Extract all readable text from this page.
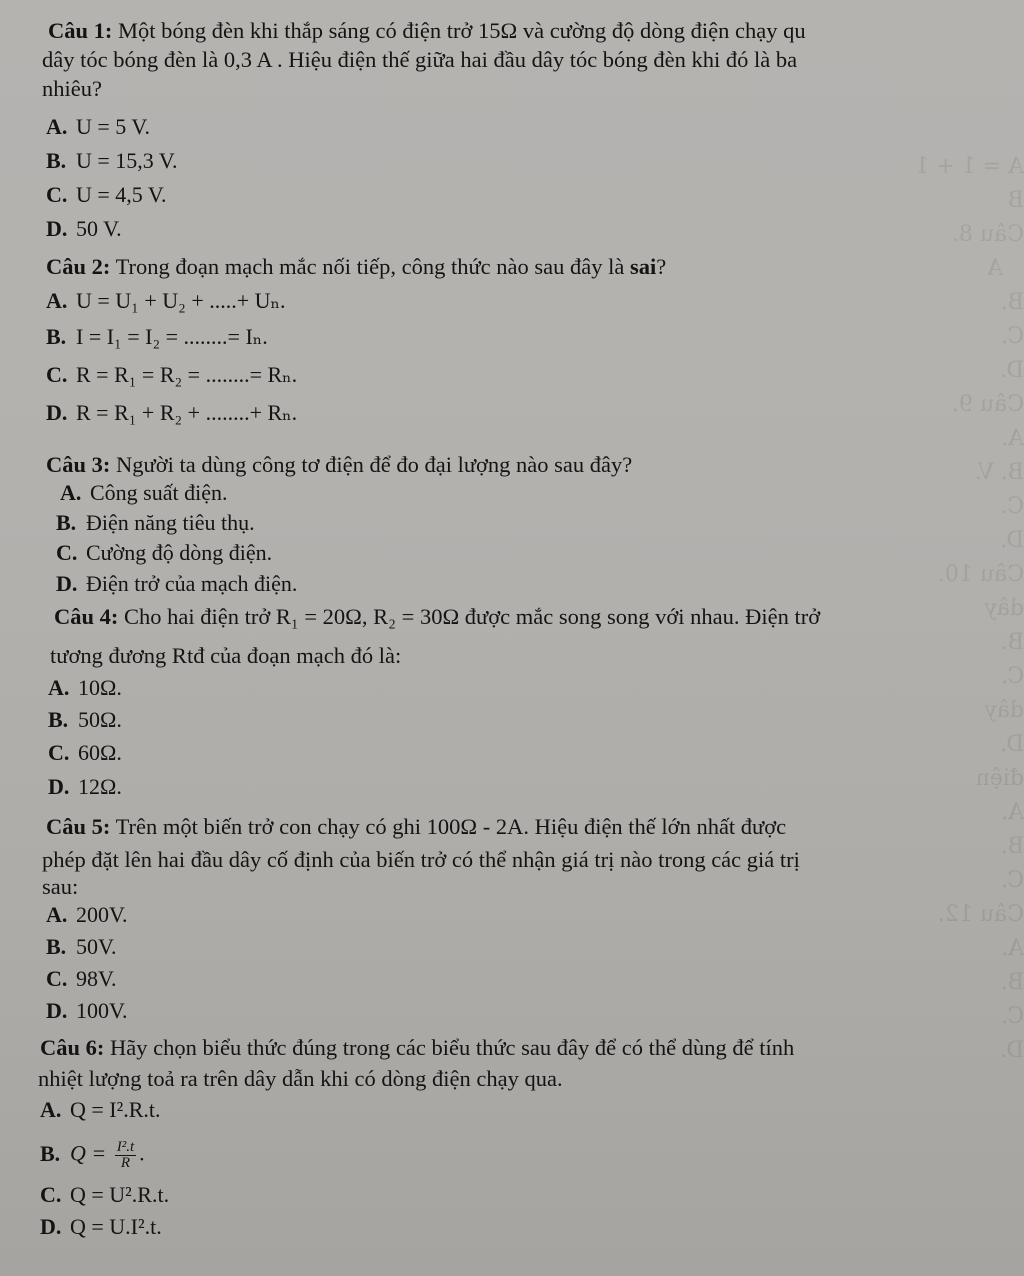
A = 1 + 1
B
Câu 8.
A
B.
C.
D.
Câu 9.
A.
B. V.
C.
D.
Câu 10.
dây
B.
C.
dây
D.
điện
A.
B.
C.
Câu 12.
A.
B.
C.
D.
Câu 1: Một bóng đèn khi thắp sáng có điện trở 15Ω và cường độ dòng điện chạy qu
dây tóc bóng đèn là 0,3 A . Hiệu điện thế giữa hai đầu dây tóc bóng đèn khi đó là ba
nhiêu?
A. U = 5 V.
B. U = 15,3 V.
C. U = 4,5 V.
D. 50 V.
Câu 2: Trong đoạn mạch mắc nối tiếp, công thức nào sau đây là sai?
A. U = U₁ + U₂ + .....+ Uₙ.
B. I = I₁ = I₂ = ........= Iₙ.
C. R = R₁ = R₂ = ........= Rₙ.
D. R = R₁ + R₂ + ........+ Rₙ.
Câu 3: Người ta dùng công tơ điện để đo đại lượng nào sau đây?
A. Công suất điện.
B. Điện năng tiêu thụ.
C. Cường độ dòng điện.
D. Điện trở của mạch điện.
Câu 4: Cho hai điện trở R₁ = 20Ω, R₂ = 30Ω được mắc song song với nhau. Điện trở
tương đương Rtđ của đoạn mạch đó là:
A. 10Ω.
B. 50Ω.
C. 60Ω.
D. 12Ω.
Câu 5: Trên một biến trở con chạy có ghi 100Ω - 2A. Hiệu điện thế lớn nhất được
phép đặt lên hai đầu dây cố định của biến trở có thể nhận giá trị nào trong các giá trị
sau:
A. 200V.
B. 50V.
C. 98V.
D. 100V.
Câu 6: Hãy chọn biểu thức đúng trong các biểu thức sau đây để có thể dùng để tính
nhiệt lượng toả ra trên dây dẫn khi có dòng điện chạy qua.
A. Q = I².R.t.
B. $Q = \frac{\text{I².t}}{R}$ .
C. Q = U².R.t.
D. Q = U.I².t.
